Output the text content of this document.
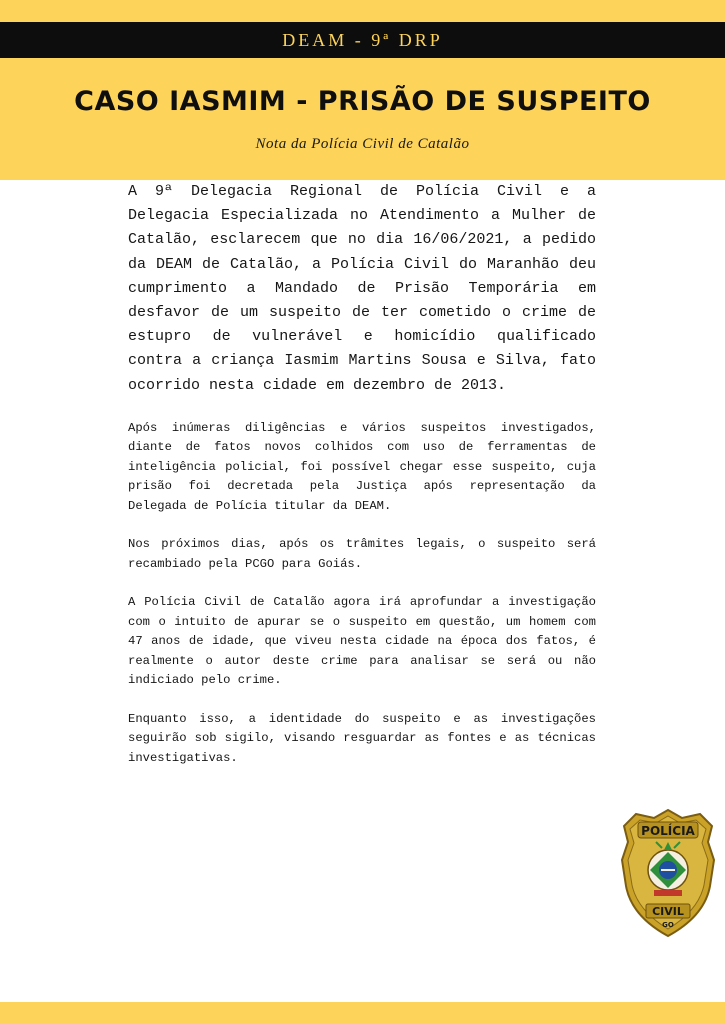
DEAM - 9ª DRP
CASO IASMIM - PRISÃO DE SUSPEITO
Nota da Polícia Civil de Catalão

A 9ª Delegacia Regional de Polícia Civil e a Delegacia Especializada no Atendimento a Mulher de Catalão, esclarecem que no dia 16/06/2021, a pedido da DEAM de Catalão, a Polícia Civil do Maranhão deu cumprimento a Mandado de Prisão Temporária em desfavor de um suspeito de ter cometido o crime de estupro de vulnerável e homicídio qualificado contra a criança Iasmim Martins Sousa e Silva, fato ocorrido nesta cidade em dezembro de 2013.

Após inúmeras diligências e vários suspeitos investigados, diante de fatos novos colhidos com uso de ferramentas de inteligência policial, foi possível chegar esse suspeito, cuja prisão foi decretada pela Justiça após representação da Delegada de Polícia titular da DEAM.

Nos próximos dias, após os trâmites legais, o suspeito será recambiado pela PCGO para Goiás.

A Polícia Civil de Catalão agora irá aprofundar a investigação com o intuito de apurar se o suspeito em questão, um homem com 47 anos de idade, que viveu nesta cidade na época dos fatos, é realmente o autor deste crime para analisar se será ou não indiciado pelo crime.

Enquanto isso, a identidade do suspeito e as investigações seguirão sob sigilo, visando resguardar as fontes e as técnicas investigativas.

POLÍCIA
CIVIL
GO
